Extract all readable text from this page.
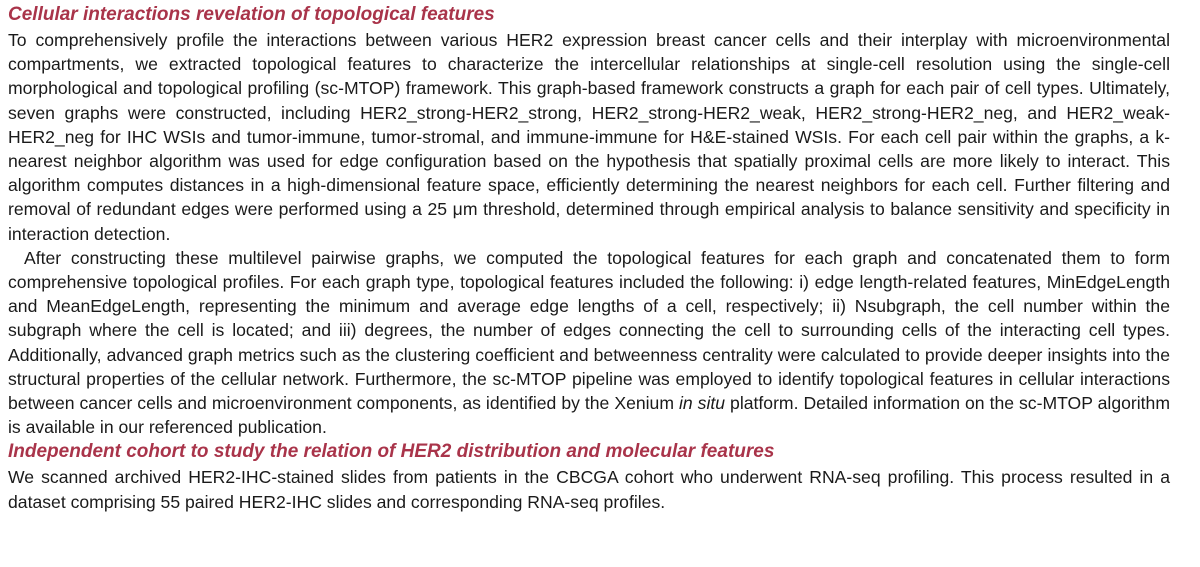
Cellular interactions revelation of topological features

To comprehensively profile the interactions between various HER2 expression breast cancer cells and their interplay with microenvironmental compartments, we extracted topological features to characterize the intercellular relationships at single-cell resolution using the single-cell morphological and topological profiling (sc-MTOP) framework. This graph-based framework constructs a graph for each pair of cell types. Ultimately, seven graphs were constructed, including HER2_strong-HER2_strong, HER2_strong-HER2_weak, HER2_strong-HER2_neg, and HER2_weak-HER2_neg for IHC WSIs and tumor-immune, tumor-stromal, and immune-immune for H&E-stained WSIs. For each cell pair within the graphs, a k-nearest neighbor algorithm was used for edge configuration based on the hypothesis that spatially proximal cells are more likely to interact. This algorithm computes distances in a high-dimensional feature space, efficiently determining the nearest neighbors for each cell. Further filtering and removal of redundant edges were performed using a 25 μm threshold, determined through empirical analysis to balance sensitivity and specificity in interaction detection.

After constructing these multilevel pairwise graphs, we computed the topological features for each graph and concatenated them to form comprehensive topological profiles. For each graph type, topological features included the following: i) edge length-related features, MinEdgeLength and MeanEdgeLength, representing the minimum and average edge lengths of a cell, respectively; ii) Nsubgraph, the cell number within the subgraph where the cell is located; and iii) degrees, the number of edges connecting the cell to surrounding cells of the interacting cell types. Additionally, advanced graph metrics such as the clustering coefficient and betweenness centrality were calculated to provide deeper insights into the structural properties of the cellular network. Furthermore, the sc-MTOP pipeline was employed to identify topological features in cellular interactions between cancer cells and microenvironment components, as identified by the Xenium in situ platform. Detailed information on the sc-MTOP algorithm is available in our referenced publication.

Independent cohort to study the relation of HER2 distribution and molecular features

We scanned archived HER2-IHC-stained slides from patients in the CBCGA cohort who underwent RNA-seq profiling. This process resulted in a dataset comprising 55 paired HER2-IHC slides and corresponding RNA-seq profiles.
